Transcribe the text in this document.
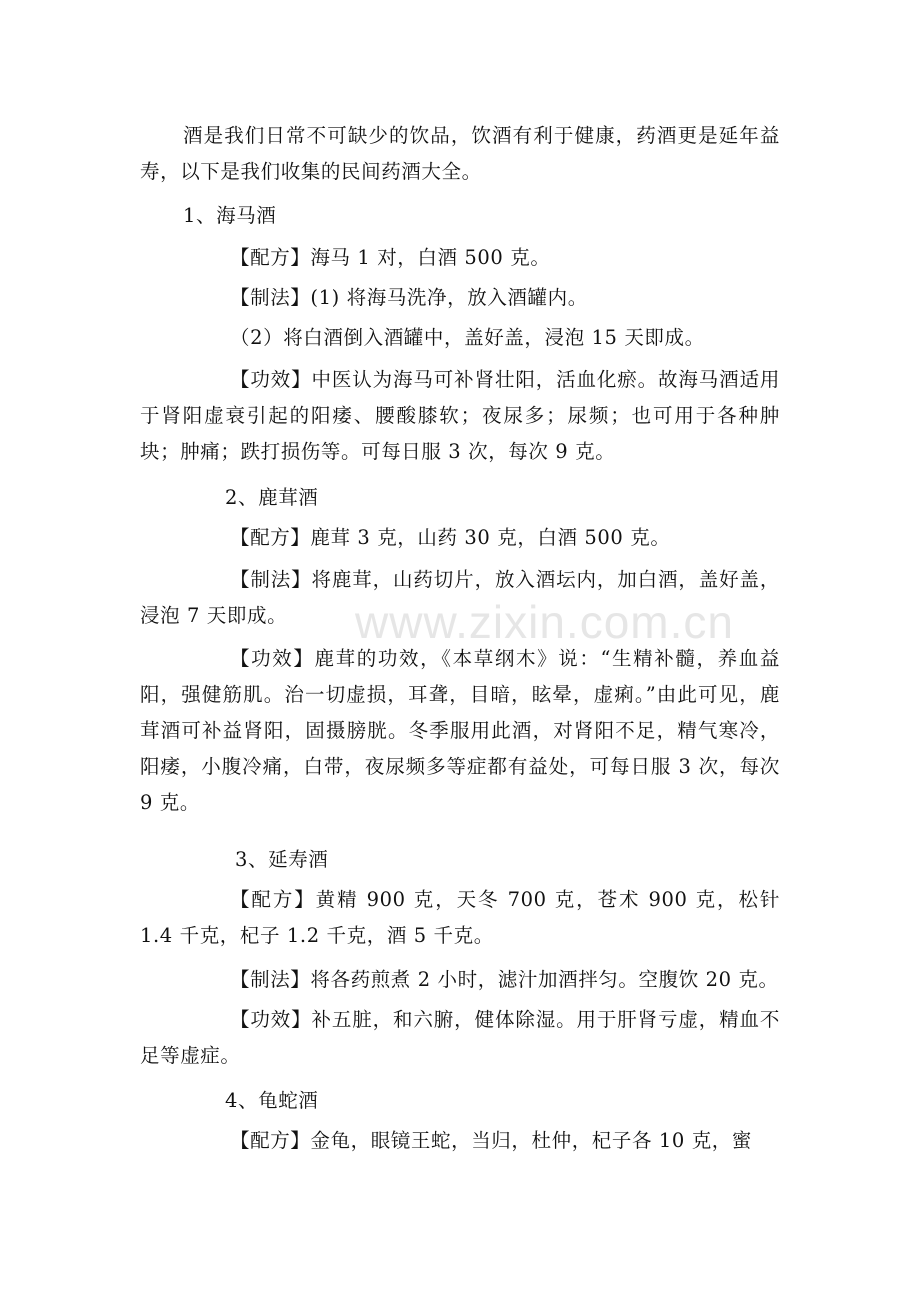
www.zixin.com.cn

酒是我们日常不可缺少的饮品，饮酒有利于健康，药酒更是延年益寿，以下是我们收集的民间药酒大全。

1、海马酒

【配方】海马 1 对，白酒 500 克。

【制法】(1) 将海马洗净，放入酒罐内。

（2）将白酒倒入酒罐中，盖好盖，浸泡 15 天即成。

【功效】中医认为海马可补肾壮阳，活血化瘀。故海马酒适用于肾阳虚衰引起的阳痿、腰酸膝软；夜尿多；尿频；也可用于各种肿块；肿痛；跌打损伤等。可每日服 3 次，每次 9 克。

2、鹿茸酒

【配方】鹿茸 3 克，山药 30 克，白酒 500 克。

【制法】将鹿茸，山药切片，放入酒坛内，加白酒，盖好盖，浸泡 7 天即成。

【功效】鹿茸的功效，《本草纲木》说：“生精补髓，养血益阳，强健筋肌。治一切虚损，耳聋，目暗，眩晕，虚痢。”由此可见，鹿茸酒可补益肾阳，固摄膀胱。冬季服用此酒，对肾阳不足，精气寒冷，阳痿，小腹冷痛，白带，夜尿频多等症都有益处，可每日服 3 次，每次 9 克。

3、延寿酒

【配方】黄精 900 克，天冬 700 克，苍术 900 克，松针 1.4 千克，杞子 1.2 千克，酒 5 千克。

【制法】将各药煎煮 2 小时，滤汁加酒拌匀。空腹饮 20 克。

【功效】补五脏，和六腑，健体除湿。用于肝肾亏虚，精血不足等虚症。

4、龟蛇酒

【配方】金龟，眼镜王蛇，当归，杜仲，杞子各 10 克，蜜
